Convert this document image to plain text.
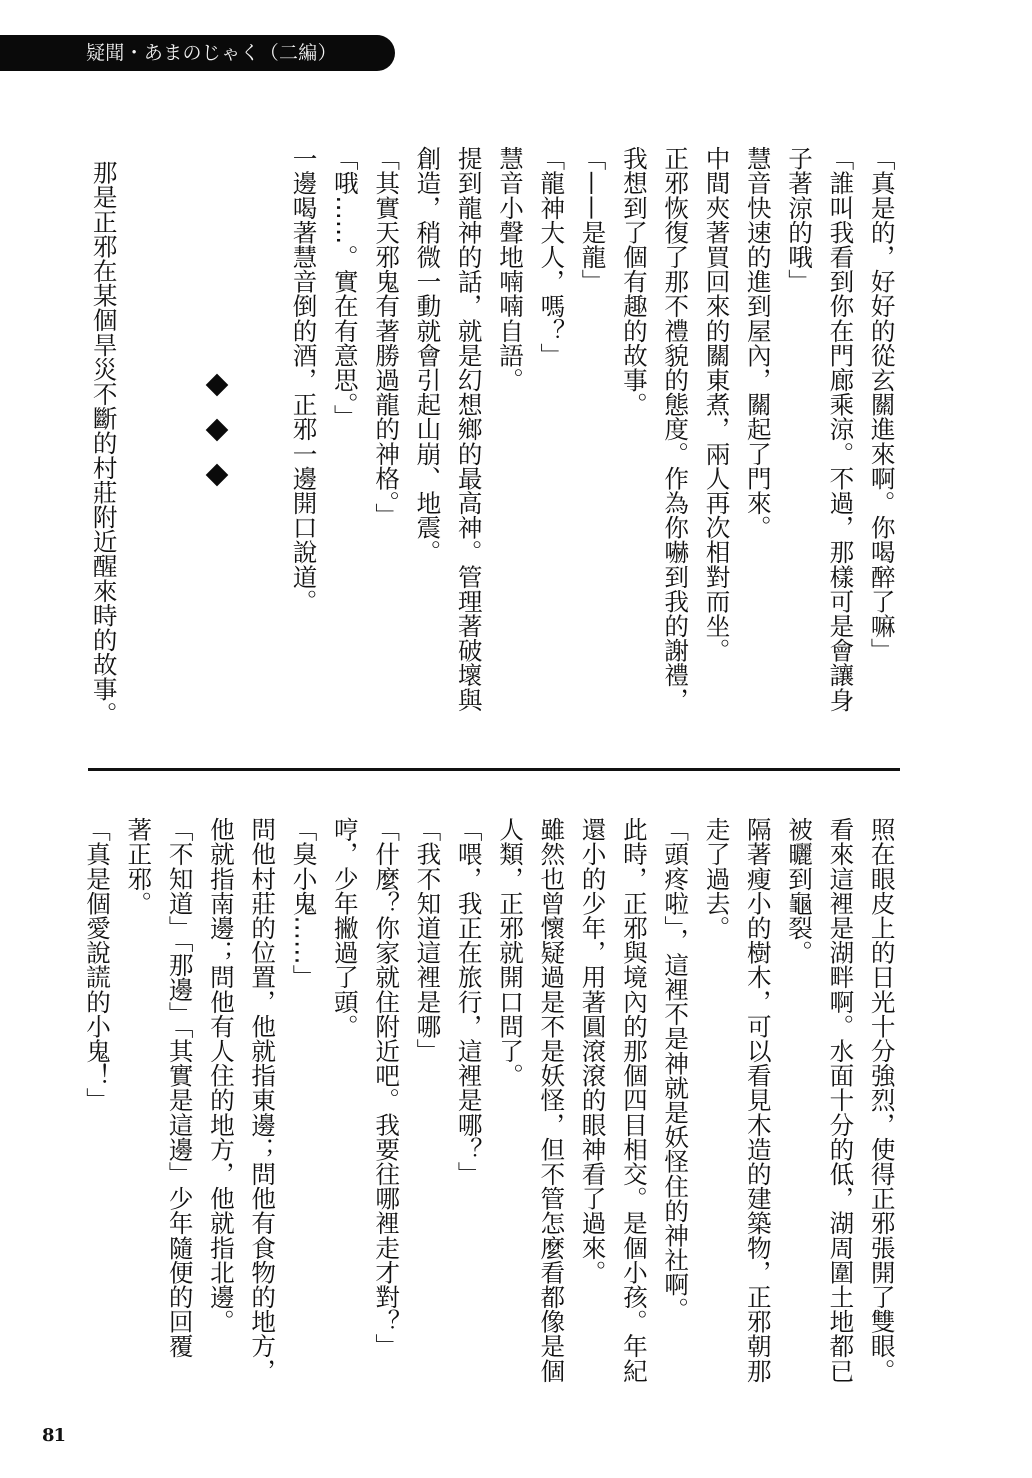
疑聞・あまのじゃく（二編）
「真是的，好好的從玄關進來啊。你喝醉了嘛」
「誰叫我看到你在門廊乘涼。不過，那樣可是會讓身
子著涼的哦」
慧音快速的進到屋內，關起了門來。
中間夾著買回來的關東煮，兩人再次相對而坐。
正邪恢復了那不禮貌的態度。作為你嚇到我的謝禮，
我想到了個有趣的故事。
「——是龍」
「龍神大人，嗎？」
慧音小聲地喃喃自語。
提到龍神的話，就是幻想鄉的最高神。管理著破壞與
創造，稍微一動就會引起山崩、地震。
「其實天邪鬼有著勝過龍的神格。」
「哦……。實在有意思。」
一邊喝著慧音倒的酒，正邪一邊開口說道。
那是正邪在某個旱災不斷的村莊附近醒來時的故事。
照在眼皮上的日光十分強烈，使得正邪張開了雙眼。
看來這裡是湖畔啊。水面十分的低，湖周圍土地都已
被曬到龜裂。
隔著瘦小的樹木，可以看見木造的建築物，正邪朝那
走了過去。
「頭疼啦」，這裡不是神就是妖怪住的神社啊。
此時，正邪與境內的那個四目相交。是個小孩。年紀
還小的少年，用著圓滾滾的眼神看了過來。
雖然也曾懷疑過是不是妖怪，但不管怎麼看都像是個
人類，正邪就開口問了。
「喂，我正在旅行，這裡是哪？」
「我不知道這裡是哪」
「什麼？你家就住附近吧。我要往哪裡走才對？」
哼，少年撇過了頭。
「臭小鬼……」
問他村莊的位置，他就指東邊；問他有食物的地方，
他就指南邊；問他有人住的地方，他就指北邊。
「不知道」「那邊」「其實是這邊」少年隨便的回覆
著正邪。
「真是個愛說謊的小鬼！」
81
